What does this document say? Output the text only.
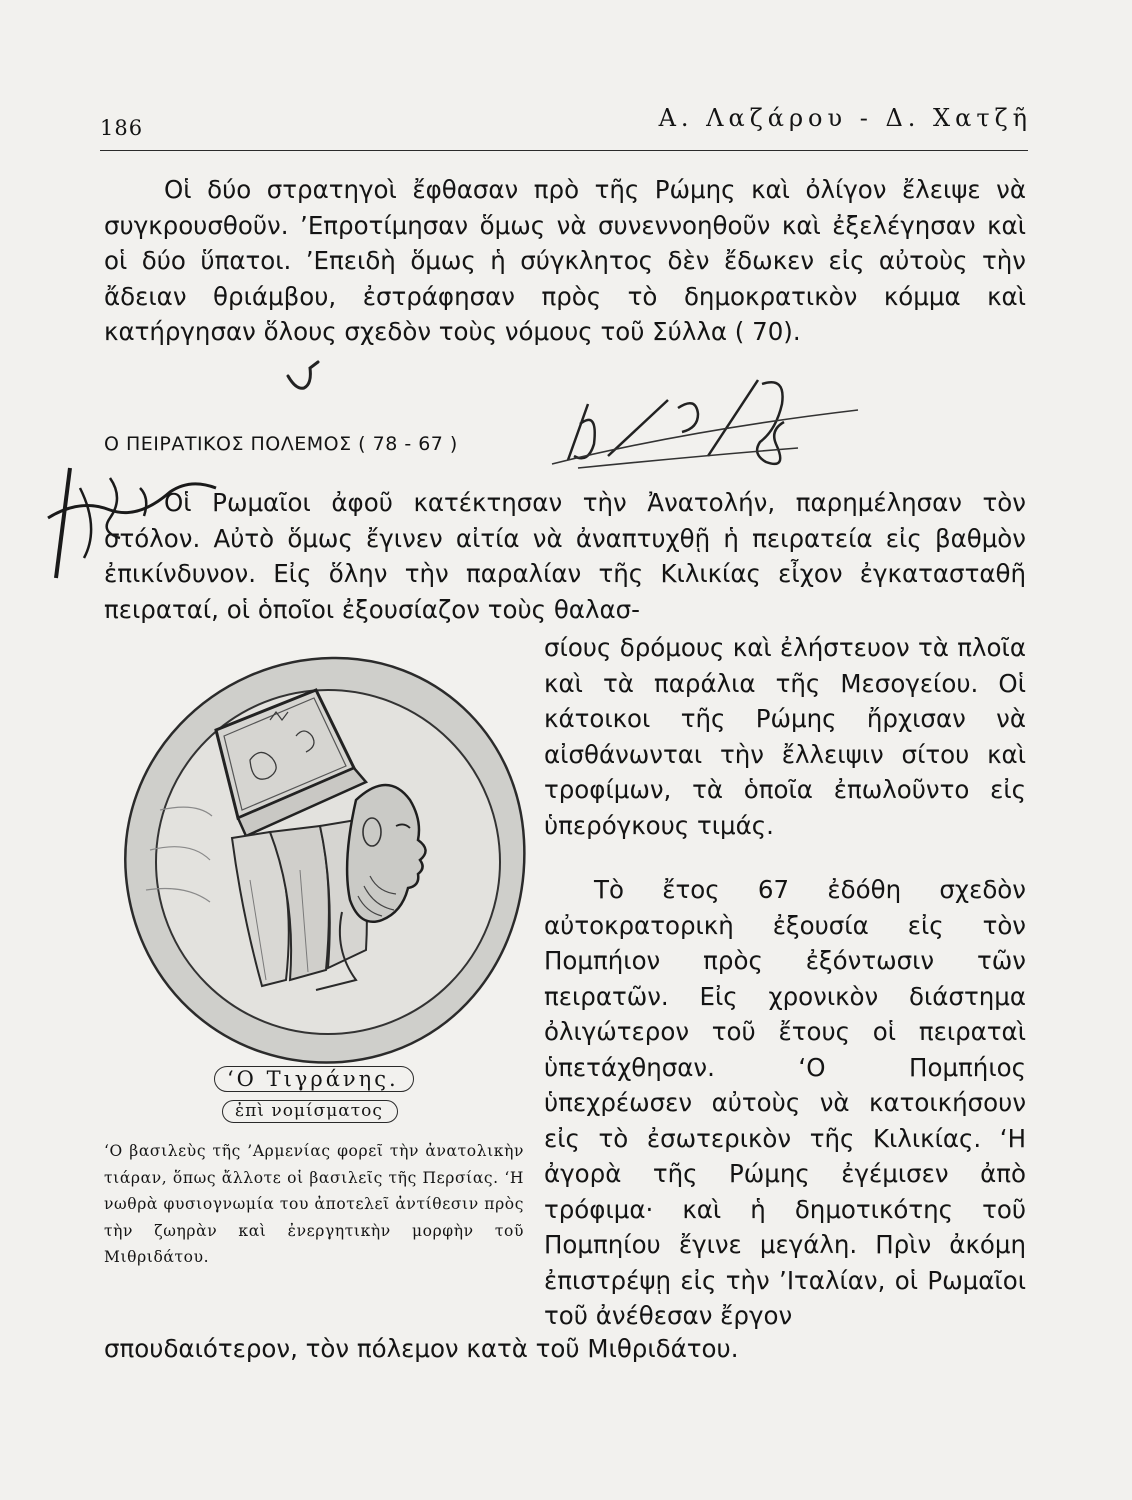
186	Α. Λαζάρου - Δ. Χατζῆ

Οἱ δύο στρατηγοὶ ἔφθασαν πρὸ τῆς Ρώμης καὶ ὀλίγον ἔλειψε νὰ συγκρουσθοῦν. ’Επροτίμησαν ὅμως νὰ συνεννοηθοῦν καὶ ἐξελέγησαν καὶ οἱ δύο ὕπατοι. ’Επειδὴ ὅμως ἡ σύγκλητος δὲν ἔδωκεν εἰς αὐτοὺς τὴν ἄδειαν θριάμβου, ἐστράφησαν πρὸς τὸ δημοκρατικὸν κόμμα καὶ κατήργησαν ὅλους σχεδὸν τοὺς νόμους τοῦ Σύλλα ( 70).

Ο ΠΕΙΡΑΤΙΚΟΣ ΠΟΛΕΜΟΣ ( 78 - 67 )

Οἱ Ρωμαῖοι ἀφοῦ κατέκτησαν τὴν Ἀνατολήν, παρημέλησαν τὸν στόλον. Αὐτὸ ὅμως ἔγινεν αἰτία νὰ ἀναπτυχθῇ ἡ πειρατεία εἰς βαθμὸν ἐπικίνδυνον. Εἰς ὅλην τὴν παραλίαν τῆς Κιλικίας εἶχον ἐγκατασταθῆ πειραταί, οἱ ὁποῖοι ἐξουσίαζον τοὺς θαλασ-

σίους δρόμους καὶ ἐλήστευον τὰ πλοῖα καὶ τὰ παράλια τῆς Μεσογείου. Οἱ κάτοικοι τῆς Ρώμης ἤρχισαν νὰ αἰσθάνωνται τὴν ἔλλειψιν σίτου καὶ τροφίμων, τὰ ὁποῖα ἐπωλοῦντο εἰς ὑπερόγκους τιμάς.

Τὸ ἔτος 67 ἐδόθη σχεδὸν αὐτοκρατορικὴ ἐξουσία εἰς τὸν Πομπήιον πρὸς ἐξόντωσιν τῶν πειρατῶν. Εἰς χρονικὸν διάστημα ὀλιγώτερον τοῦ ἔτους οἱ πειραταὶ ὑπετάχθησαν. ‘Ο Πομπήιος ὑπεχρέωσεν αὐτοὺς νὰ κατοικήσουν εἰς τὸ ἐσωτερικὸν τῆς Κιλικίας. ‘Η ἀγορὰ τῆς Ρώμης ἐγέμισεν ἀπὸ τρόφιμα· καὶ ἡ δημοτικότης τοῦ Πομπηίου ἔγινε μεγάλη. Πρὶν ἀκόμη ἐπιστρέψῃ εἰς τὴν ’Ιταλίαν, οἱ Ρωμαῖοι τοῦ ἀνέθεσαν ἔργον

σπουδαιότερον, τὸν πόλεμον κατὰ τοῦ Μιθριδάτου.

‘Ο Τιγράνης.
ἐπὶ νομίσματος

‘Ο βασιλεὺς τῆς ’Αρμενίας φορεῖ τὴν ἀνατολικὴν τιάραν, ὅπως ἄλλοτε οἱ βασιλεῖς τῆς Περσίας. ‘Η νωθρὰ φυσιογνωμία του ἀποτελεῖ ἀντίθεσιν πρὸς τὴν ζωηρὰν καὶ ἐνεργητικὴν μορφὴν τοῦ Μιθριδάτου.
